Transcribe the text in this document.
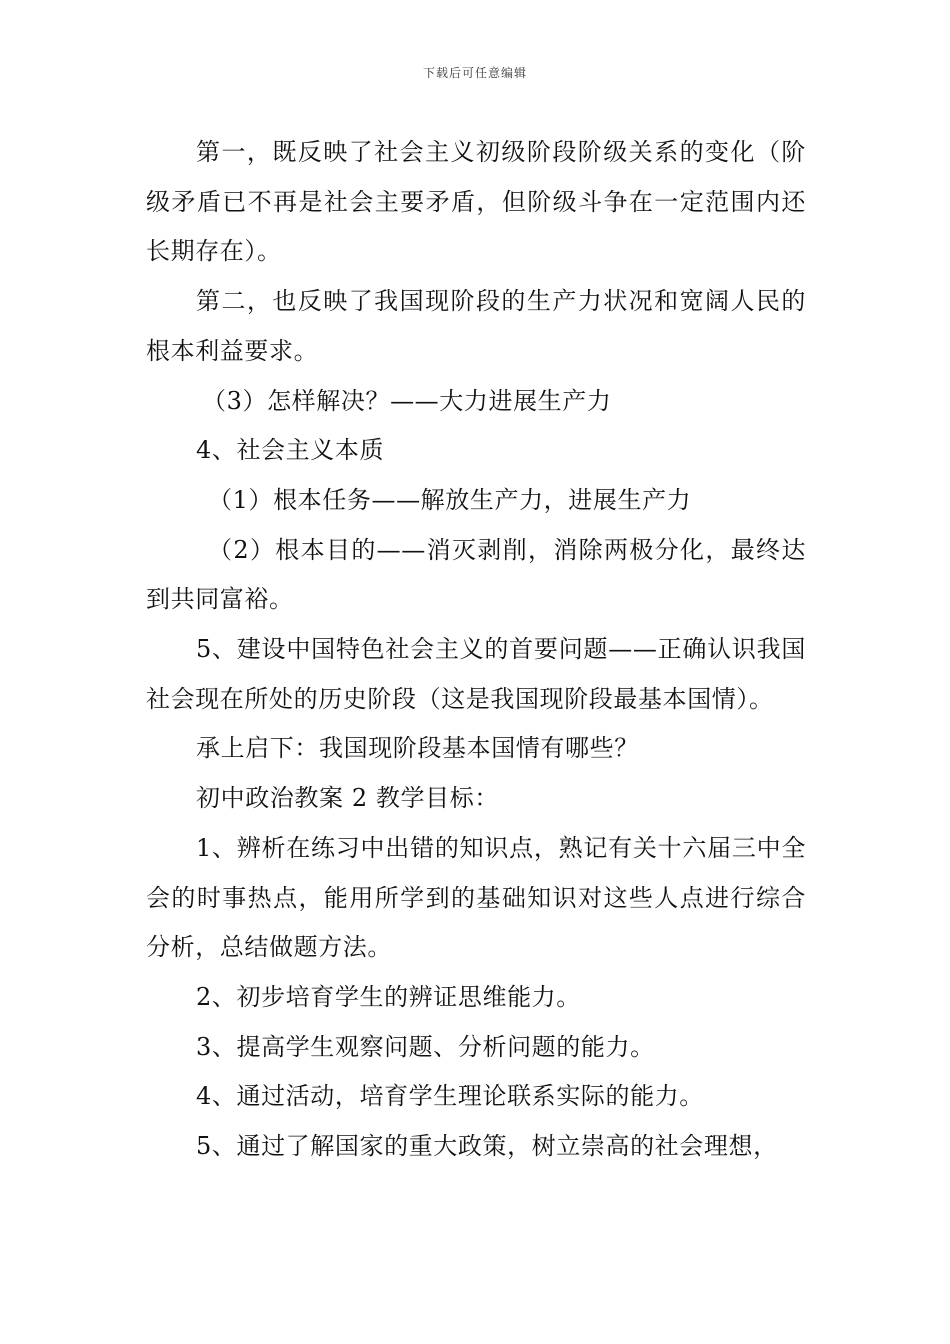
下载后可任意编辑

第一，既反映了社会主义初级阶段阶级关系的变化（阶级矛盾已不再是社会主要矛盾，但阶级斗争在一定范围内还长期存在）。

第二，也反映了我国现阶段的生产力状况和宽阔人民的根本利益要求。

（3）怎样解决？——大力进展生产力

4、社会主义本质

（1）根本任务——解放生产力，进展生产力

（2）根本目的——消灭剥削，消除两极分化，最终达到共同富裕。

5、建设中国特色社会主义的首要问题——正确认识我国社会现在所处的历史阶段（这是我国现阶段最基本国情）。

承上启下：我国现阶段基本国情有哪些？

初中政治教案 2 教学目标：

1、辨析在练习中出错的知识点，熟记有关十六届三中全会的时事热点，能用所学到的基础知识对这些人点进行综合分析，总结做题方法。

2、初步培育学生的辨证思维能力。

3、提高学生观察问题、分析问题的能力。

4、通过活动，培育学生理论联系实际的能力。

5、通过了解国家的重大政策，树立崇高的社会理想，
